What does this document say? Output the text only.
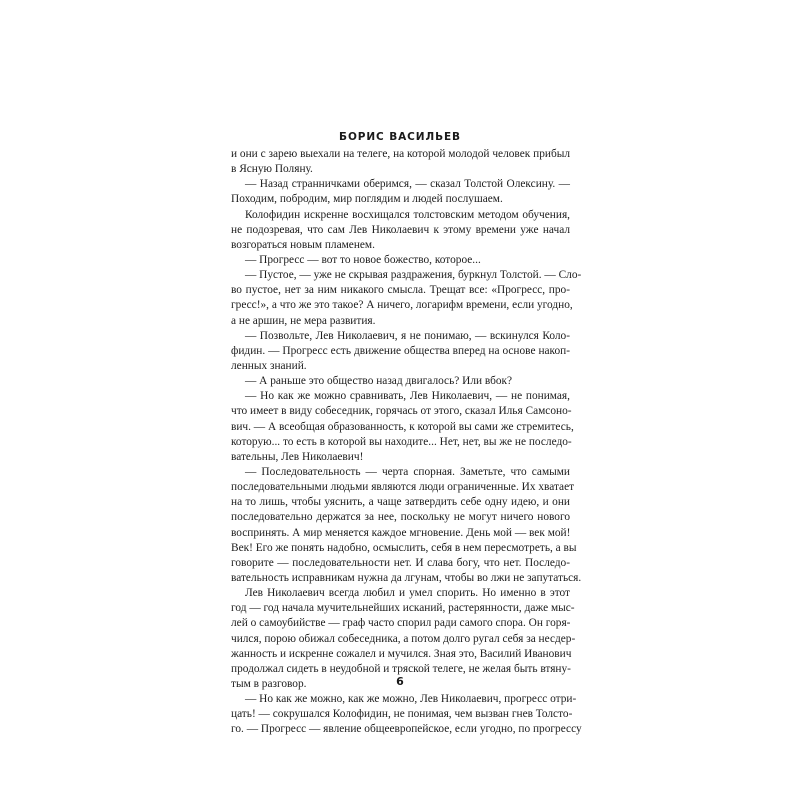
БОРИС ВАСИЛЬЕВ
и они с зарею выехали на телеге, на которой молодой человек прибыл
в Ясную Поляну.
— Назад странничками оберимся, — сказал Толстой Олексину. —
Походим, побродим, мир поглядим и людей послушаем.
Колофидин искренне восхищался толстовским методом обучения,
не подозревая, что сам Лев Николаевич к этому времени уже начал
возгораться новым пламенем.
— Прогресс — вот то новое божество, которое...
— Пустое, — уже не скрывая раздражения, буркнул Толстой. — Сло-
во пустое, нет за ним никакого смысла. Трещат все: «Прогресс, про-
гресс!», а что же это такое? А ничего, логарифм времени, если угодно,
а не аршин, не мера развития.
— Позвольте, Лев Николаевич, я не понимаю, — вскинулся Коло-
фидин. — Прогресс есть движение общества вперед на основе накоп-
ленных знаний.
— А раньше это общество назад двигалось? Или вбок?
— Но как же можно сравнивать, Лев Николаевич, — не понимая,
что имеет в виду собеседник, горячась от этого, сказал Илья Самсоно-
вич. — А всеобщая образованность, к которой вы сами же стремитесь,
которую... то есть в которой вы находите... Нет, нет, вы же не последо-
вательны, Лев Николаевич!
— Последовательность — черта спорная. Заметьте, что самыми
последовательными людьми являются люди ограниченные. Их хватает
на то лишь, чтобы уяснить, а чаще затвердить себе одну идею, и они
последовательно держатся за нее, поскольку не могут ничего нового
воспринять. А мир меняется каждое мгновение. День мой — век мой!
Век! Его же понять надобно, осмыслить, себя в нем пересмотреть, а вы
говорите — последовательности нет. И слава богу, что нет. Последо-
вательность исправникам нужна да лгунам, чтобы во лжи не запутаться.
Лев Николаевич всегда любил и умел спорить. Но именно в этот
год — год начала мучительнейших исканий, растерянности, даже мыс-
лей о самоубийстве — граф часто спорил ради самого спора. Он горя-
чился, порою обижал собеседника, а потом долго ругал себя за несдер-
жанность и искренне сожалел и мучился. Зная это, Василий Иванович
продолжал сидеть в неудобной и тряской телеге, не желая быть втяну-
тым в разговор.
— Но как же можно, как же можно, Лев Николаевич, прогресс отри-
цать! — сокрушался Колофидин, не понимая, чем вызван гнев Толсто-
го. — Прогресс — явление общеевропейское, если угодно, по прогрессу
6
